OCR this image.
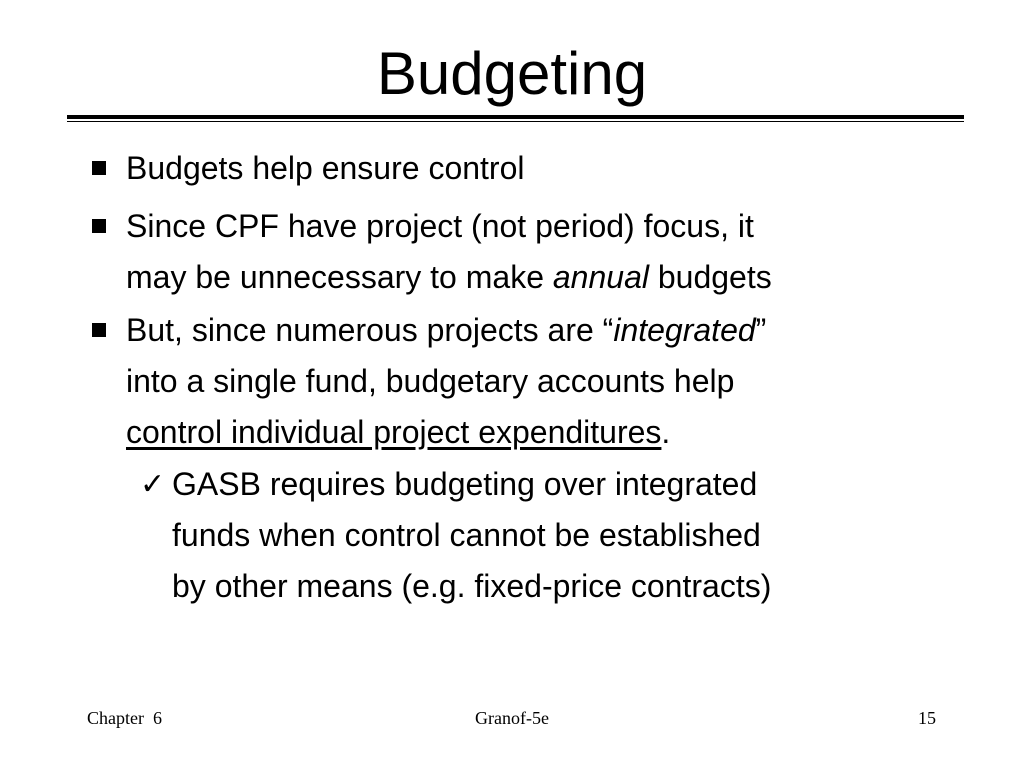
Budgeting
Budgets help ensure control
Since CPF have project (not period) focus, it
may be unnecessary to make annual budgets
But, since numerous projects are “integrated”
into a single fund, budgetary accounts help
control individual project expenditures.
✓ GASB requires budgeting over integrated
funds when control cannot be established
by other means (e.g. fixed-price contracts)
Chapter  6	Granof-5e	15
